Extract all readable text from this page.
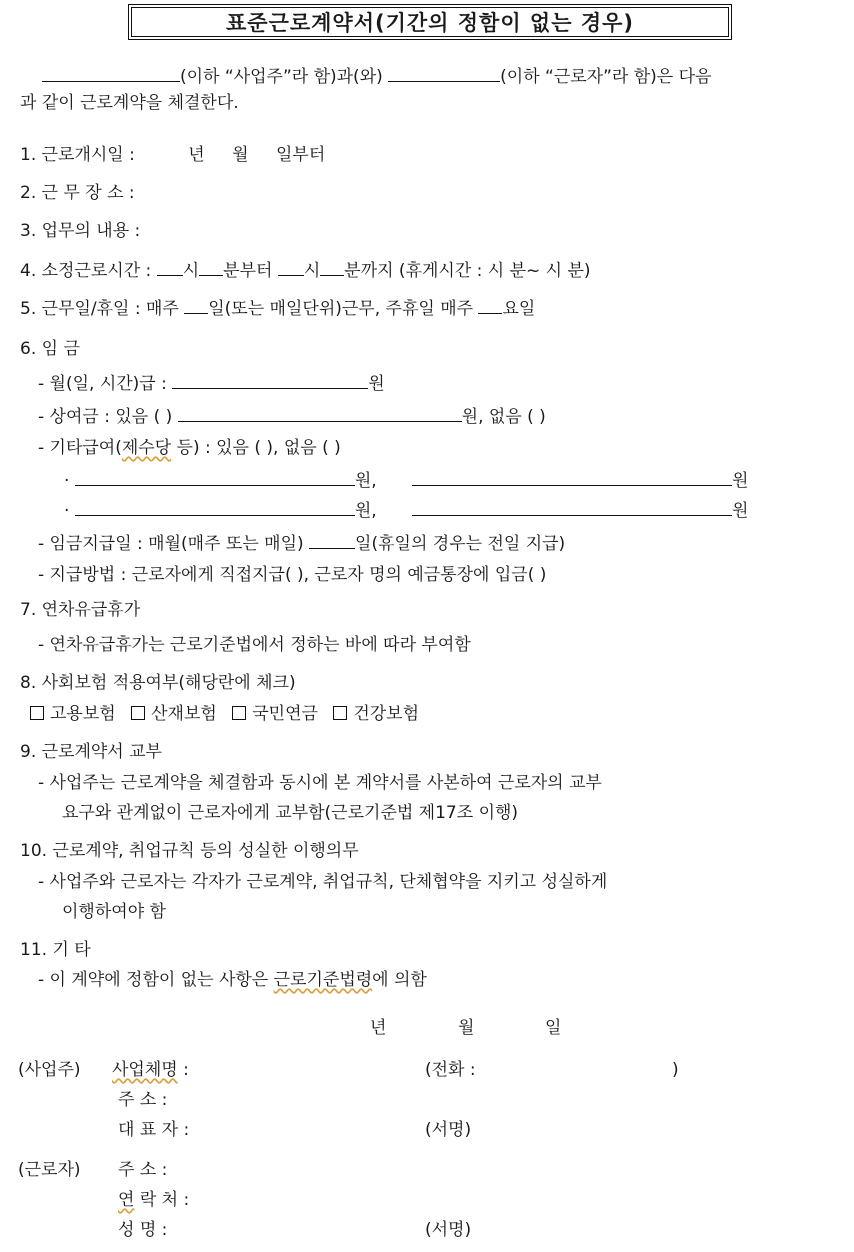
표준근로계약서(기간의 정함이 없는 경우)
(이하 “사업주”라 함)과(와)	(이하 “근로자”라 함)은 다음
과 같이 근로계약을 체결한다.
1. 근로개시일 :	년 월 일부터
2. 근 무 장 소 :
3. 업무의 내용 :
4. 소정근로시간 : 시 분부터 시 분까지 (휴게시간 : 시 분~ 시 분)
5. 근무일/휴일 : 매주 일(또는 매일단위)근무, 주휴일 매주 요일
6. 임 금
- 월(일, 시간)급 :	원
- 상여금 : 있음 ( )	원, 없음 ( )
- 기타급여(제수당 등) : 있음 ( ), 없음 ( )
·	원,	원
·	원,	원
- 임금지급일 : 매월(매주 또는 매일)	일(휴일의 경우는 전일 지급)
- 지급방법 : 근로자에게 직접지급( ), 근로자 명의 예금통장에 입금( )
7. 연차유급휴가
- 연차유급휴가는 근로기준법에서 정하는 바에 따라 부여함
8. 사회보험 적용여부(해당란에 체크)
고용보험 산재보험 국민연금 건강보험
9. 근로계약서 교부
- 사업주는 근로계약을 체결함과 동시에 본 계약서를 사본하여 근로자의 교부
요구와 관계없이 근로자에게 교부함(근로기준법 제17조 이행)
10. 근로계약, 취업규칙 등의 성실한 이행의무
- 사업주와 근로자는 각자가 근로계약, 취업규칙, 단체협약을 지키고 성실하게
이행하여야 함
11. 기 타
- 이 계약에 정함이 없는 사항은 근로기준법령에 의함
년	월	일
(사업주) 사업체명 :	(전화 :	)
주 소 :
대 표 자 :	(서명)
(근로자) 주 소 :
연 락 처 :
성 명 :	(서명)
